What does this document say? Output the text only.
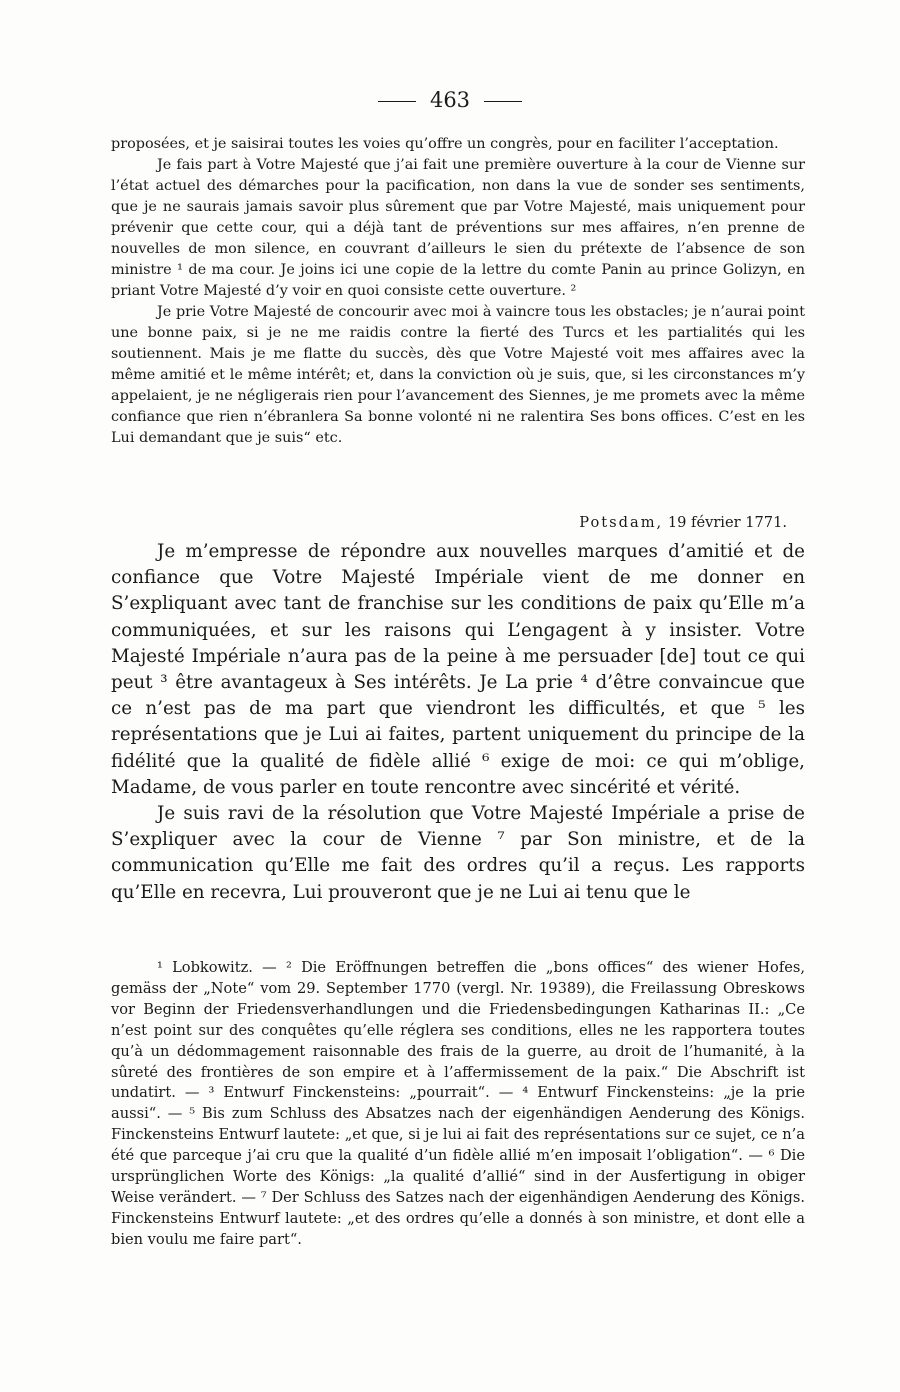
463

proposées, et je saisirai toutes les voies qu’offre un congrès, pour en faciliter l’acceptation.

Je fais part à Votre Majesté que j’ai fait une première ouverture à la cour de Vienne sur l’état actuel des démarches pour la pacification, non dans la vue de sonder ses sentiments, que je ne saurais jamais savoir plus sûrement que par Votre Majesté, mais uniquement pour prévenir que cette cour, qui a déjà tant de préventions sur mes affaires, n’en prenne de nouvelles de mon silence, en couvrant d’ailleurs le sien du prétexte de l’absence de son ministre ¹ de ma cour. Je joins ici une copie de la lettre du comte Panin au prince Golizyn, en priant Votre Majesté d’y voir en quoi consiste cette ouverture. ²

Je prie Votre Majesté de concourir avec moi à vaincre tous les obstacles; je n’aurai point une bonne paix, si je ne me raidis contre la fierté des Turcs et les partialités qui les soutiennent. Mais je me flatte du succès, dès que Votre Majesté voit mes affaires avec la même amitié et le même intérêt; et, dans la conviction où je suis, que, si les circonstances m’y appelaient, je ne négligerais rien pour l’avancement des Siennes, je me promets avec la même confiance que rien n’ébranlera Sa bonne volonté ni ne ralentira Ses bons offices. C’est en les Lui demandant que je suis“ etc.

Potsdam, 19 février 1771.

Je m’empresse de répondre aux nouvelles marques d’amitié et de confiance que Votre Majesté Impériale vient de me donner en S’expliquant avec tant de franchise sur les conditions de paix qu’Elle m’a communiquées, et sur les raisons qui L’engagent à y insister. Votre Majesté Impériale n’aura pas de la peine à me persuader [de] tout ce qui peut ³ être avantageux à Ses intérêts. Je La prie ⁴ d’être convaincue que ce n’est pas de ma part que viendront les difficultés, et que ⁵ les représentations que je Lui ai faites, partent uniquement du principe de la fidélité que la qualité de fidèle allié ⁶ exige de moi: ce qui m’oblige, Madame, de vous parler en toute rencontre avec sincérité et vérité.

Je suis ravi de la résolution que Votre Majesté Impériale a prise de S’expliquer avec la cour de Vienne ⁷ par Son ministre, et de la communication qu’Elle me fait des ordres qu’il a reçus. Les rapports qu’Elle en recevra, Lui prouveront que je ne Lui ai tenu que le

¹ Lobkowitz. — ² Die Eröffnungen betreffen die „bons offices“ des wiener Hofes, gemäss der „Note“ vom 29. September 1770 (vergl. Nr. 19389), die Freilassung Obreskows vor Beginn der Friedensverhandlungen und die Friedensbedingungen Katharinas II.: „Ce n’est point sur des conquêtes qu’elle réglera ses conditions, elles ne les rapportera toutes qu’à un dédommagement raisonnable des frais de la guerre, au droit de l’humanité, à la sûreté des frontières de son empire et à l’affermissement de la paix.“ Die Abschrift ist undatirt. — ³ Entwurf Finckensteins: „pourrait“. — ⁴ Entwurf Finckensteins: „je la prie aussi“. — ⁵ Bis zum Schluss des Absatzes nach der eigenhändigen Aenderung des Königs. Finckensteins Entwurf lautete: „et que, si je lui ai fait des représentations sur ce sujet, ce n’a été que parceque j’ai cru que la qualité d’un fidèle allié m’en imposait l’obligation“. — ⁶ Die ursprünglichen Worte des Königs: „la qualité d’allié“ sind in der Ausfertigung in obiger Weise verändert. — ⁷ Der Schluss des Satzes nach der eigenhändigen Aenderung des Königs. Finckensteins Entwurf lautete: „et des ordres qu’elle a donnés à son ministre, et dont elle a bien voulu me faire part“.
